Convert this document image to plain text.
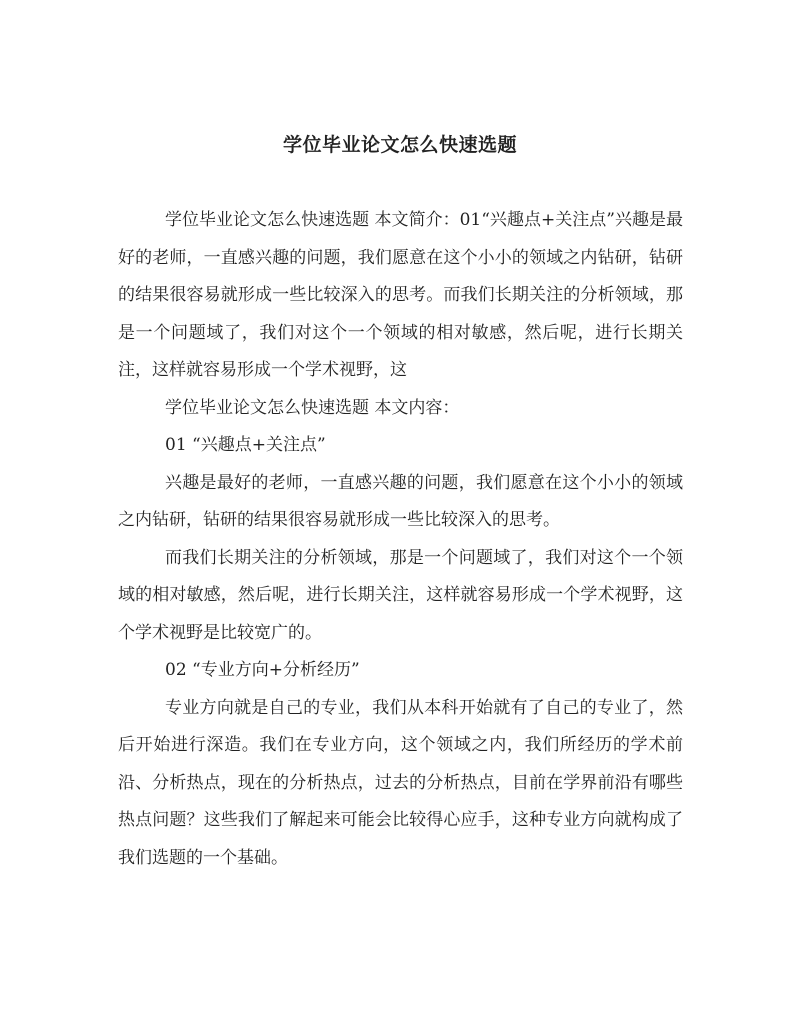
学位毕业论文怎么快速选题

学位毕业论文怎么快速选题 本文简介：01“兴趣点+关注点”兴趣是最好的老师，一直感兴趣的问题，我们愿意在这个小小的领域之内钻研，钻研的结果很容易就形成一些比较深入的思考。而我们长期关注的分析领域，那是一个问题域了，我们对这个一个领域的相对敏感，然后呢，进行长期关注，这样就容易形成一个学术视野，这

学位毕业论文怎么快速选题 本文内容：

01 “兴趣点+关注点”

兴趣是最好的老师，一直感兴趣的问题，我们愿意在这个小小的领域之内钻研，钻研的结果很容易就形成一些比较深入的思考。

而我们长期关注的分析领域，那是一个问题域了，我们对这个一个领域的相对敏感，然后呢，进行长期关注，这样就容易形成一个学术视野，这个学术视野是比较宽广的。

02 “专业方向+分析经历”

专业方向就是自己的专业，我们从本科开始就有了自己的专业了，然后开始进行深造。我们在专业方向，这个领域之内，我们所经历的学术前沿、分析热点，现在的分析热点，过去的分析热点，目前在学界前沿有哪些热点问题？这些我们了解起来可能会比较得心应手，这种专业方向就构成了我们选题的一个基础。
